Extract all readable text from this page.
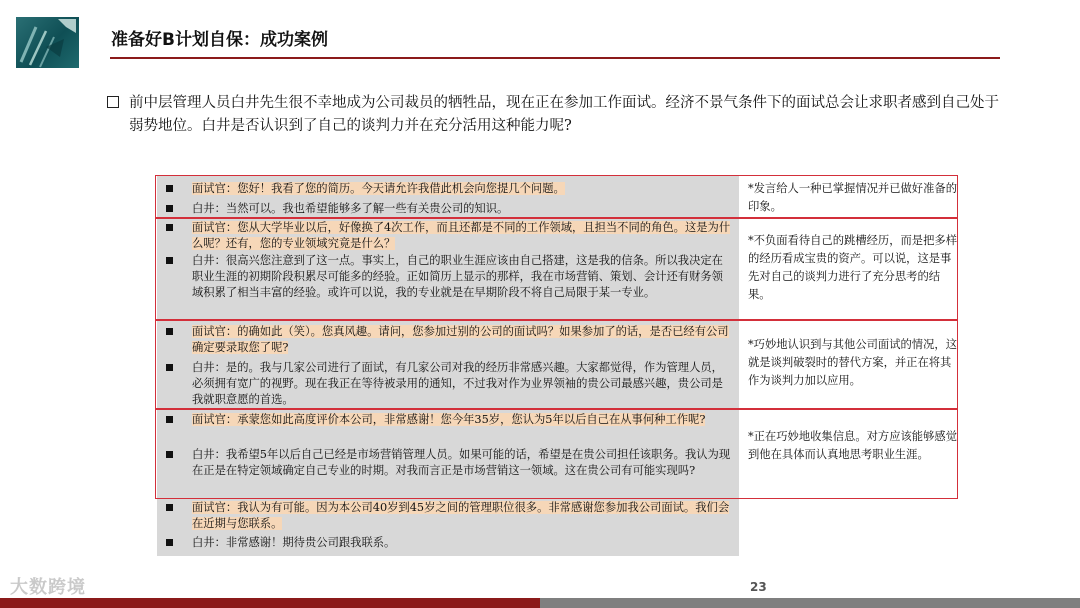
准备好B计划自保：成功案例
前中层管理人员白井先生很不幸地成为公司裁员的牺牲品，现在正在参加工作面试。经济不景气条件下的面试总会让求职者感到自己处于弱势地位。白井是否认识到了自己的谈判力并在充分活用这种能力呢?
面试官：您好！我看了您的简历。今天请允许我借此机会向您提几个问题。
白井：当然可以。我也希望能够多了解一些有关贵公司的知识。
面试官：您从大学毕业以后，好像换了4次工作，而且还都是不同的工作领域，且担当不同的角色。这是为什么呢？还有，您的专业领域究竟是什么？
白井：很高兴您注意到了这一点。事实上，自己的职业生涯应该由自己搭建，这是我的信条。所以我决定在职业生涯的初期阶段积累尽可能多的经验。正如简历上显示的那样，我在市场营销、策划、会计还有财务领域积累了相当丰富的经验。或许可以说，我的专业就是在早期阶段不将自己局限于某一专业。
面试官：的确如此（笑）。您真风趣。请问，您参加过别的公司的面试吗？如果参加了的话，是否已经有公司确定要录取您了呢?
白井：是的。我与几家公司进行了面试，有几家公司对我的经历非常感兴趣。大家都觉得，作为管理人员，必须拥有宽广的视野。现在我正在等待被录用的通知，不过我对作为业界领袖的贵公司最感兴趣，贵公司是我就职意愿的首选。
面试官：承蒙您如此高度评价本公司，非常感谢！您今年35岁，您认为5年以后自己在从事何种工作呢?
白井：我希望5年以后自己已经是市场营销管理人员。如果可能的话，希望是在贵公司担任该职务。我认为现在正是在特定领域确定自己专业的时期。对我而言正是市场营销这一领域。这在贵公司有可能实现吗?
面试官：我认为有可能。因为本公司40岁到45岁之间的管理职位很多。非常感谢您参加我公司面试。我们会在近期与您联系。
白井：非常感谢！期待贵公司跟我联系。
*发言给人一种已掌握情况并已做好准备的印象。
*不负面看待自己的跳槽经历，而是把多样的经历看成宝贵的资产。可以说，这是事先对自己的谈判力进行了充分思考的结果。
*巧妙地认识到与其他公司面试的情况，这就是谈判破裂时的替代方案，并正在将其作为谈判力加以应用。
*正在巧妙地收集信息。对方应该能够感觉到他在具体而认真地思考职业生涯。
大数跨境	23
